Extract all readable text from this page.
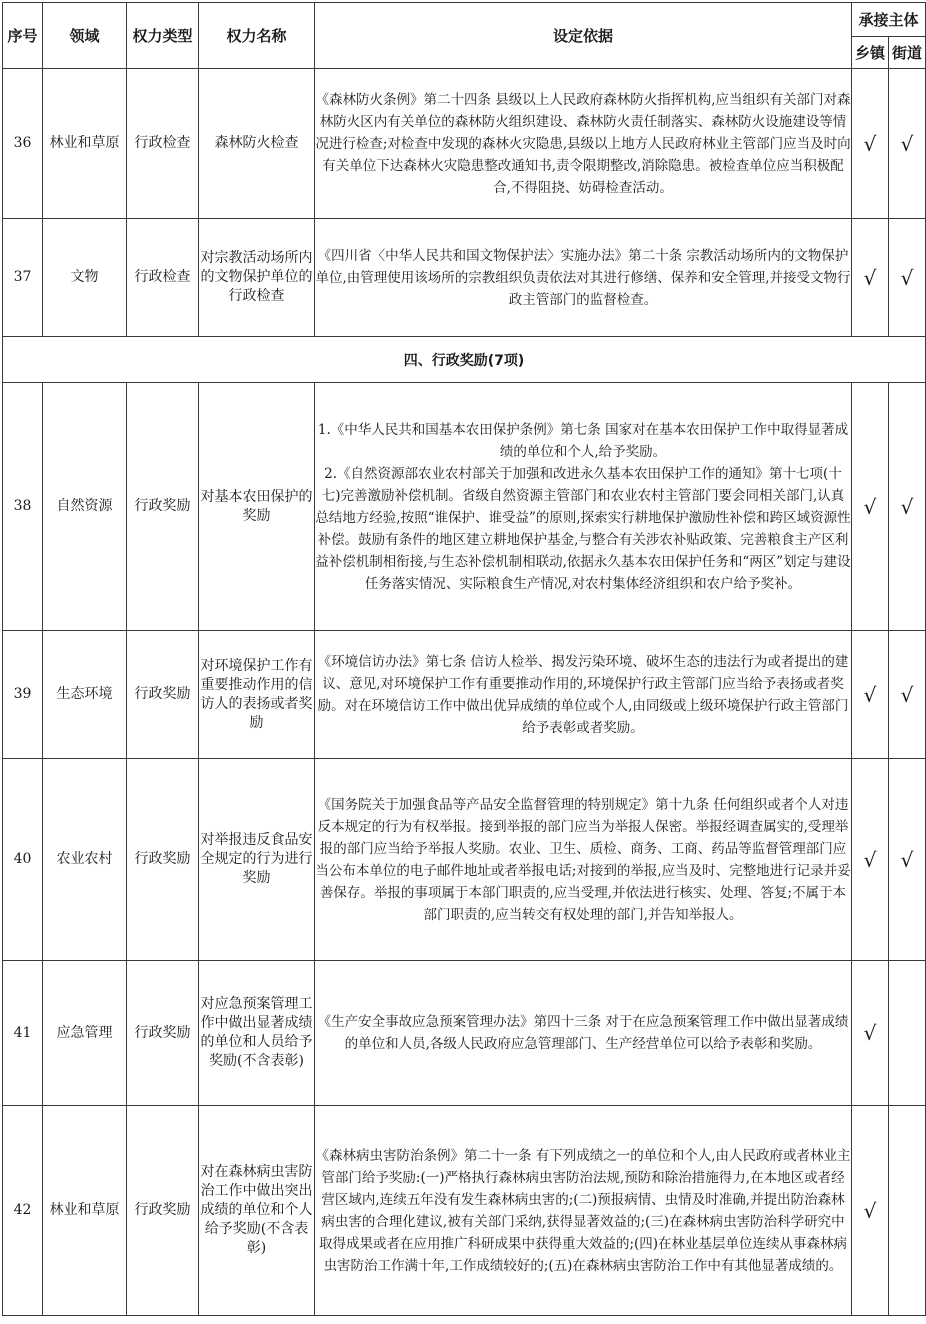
序号	领域	权力类型	权力名称	设定依据	承接主体	
					乡镇	街道
36	林业和草原	行政检查	森林防火检查	《森林防火条例》第二十四条 县级以上人民政府森林防火指挥机构,应当组织有关部门对森林防火区内有关单位的森林防火组织建设、森林防火责任制落实、森林防火设施建设等情况进行检查;对检查中发现的森林火灾隐患,县级以上地方人民政府林业主管部门应当及时向有关单位下达森林火灾隐患整改通知书,责令限期整改,消除隐患。被检查单位应当积极配合,不得阻挠、妨碍检查活动。	√	√
37	文物	行政检查	对宗教活动场所内的文物保护单位的行政检查	《四川省〈中华人民共和国文物保护法〉实施办法》第二十条 宗教活动场所内的文物保护单位,由管理使用该场所的宗教组织负责依法对其进行修缮、保养和安全管理,并接受文物行政主管部门的监督检查。	√	√
四、行政奖励(7项)						
38	自然资源	行政奖励	对基本农田保护的奖励	1.《中华人民共和国基本农田保护条例》第七条 国家对在基本农田保护工作中取得显著成绩的单位和个人,给予奖励。
2.《自然资源部农业农村部关于加强和改进永久基本农田保护工作的通知》第十七项(十七)完善激励补偿机制。省级自然资源主管部门和农业农村主管部门要会同相关部门,认真总结地方经验,按照“谁保护、谁受益”的原则,探索实行耕地保护激励性补偿和跨区域资源性补偿。鼓励有条件的地区建立耕地保护基金,与整合有关涉农补贴政策、完善粮食主产区利益补偿机制相衔接,与生态补偿机制相联动,依据永久基本农田保护任务和“两区”划定与建设任务落实情况、实际粮食生产情况,对农村集体经济组织和农户给予奖补。	√	√
39	生态环境	行政奖励	对环境保护工作有重要推动作用的信访人的表扬或者奖励	《环境信访办法》第七条 信访人检举、揭发污染环境、破坏生态的违法行为或者提出的建议、意见,对环境保护工作有重要推动作用的,环境保护行政主管部门应当给予表扬或者奖励。对在环境信访工作中做出优异成绩的单位或个人,由同级或上级环境保护行政主管部门给予表彰或者奖励。	√	√
40	农业农村	行政奖励	对举报违反食品安全规定的行为进行奖励	《国务院关于加强食品等产品安全监督管理的特别规定》第十九条 任何组织或者个人对违反本规定的行为有权举报。接到举报的部门应当为举报人保密。举报经调查属实的,受理举报的部门应当给予举报人奖励。农业、卫生、质检、商务、工商、药品等监督管理部门应当公布本单位的电子邮件地址或者举报电话;对接到的举报,应当及时、完整地进行记录并妥善保存。举报的事项属于本部门职责的,应当受理,并依法进行核实、处理、答复;不属于本部门职责的,应当转交有权处理的部门,并告知举报人。	√	√
41	应急管理	行政奖励	对应急预案管理工作中做出显著成绩的单位和人员给予奖励(不含表彰)	《生产安全事故应急预案管理办法》第四十三条 对于在应急预案管理工作中做出显著成绩的单位和人员,各级人民政府应急管理部门、生产经营单位可以给予表彰和奖励。	√	
42	林业和草原	行政奖励	对在森林病虫害防治工作中做出突出成绩的单位和个人给予奖励(不含表彰)	《森林病虫害防治条例》第二十一条 有下列成绩之一的单位和个人,由人民政府或者林业主管部门给予奖励:(一)严格执行森林病虫害防治法规,预防和除治措施得力,在本地区或者经营区域内,连续五年没有发生森林病虫害的;(二)预报病情、虫情及时准确,并提出防治森林病虫害的合理化建议,被有关部门采纳,获得显著效益的;(三)在森林病虫害防治科学研究中取得成果或者在应用推广科研成果中获得重大效益的;(四)在林业基层单位连续从事森林病虫害防治工作满十年,工作成绩较好的;(五)在森林病虫害防治工作中有其他显著成绩的。	√	
